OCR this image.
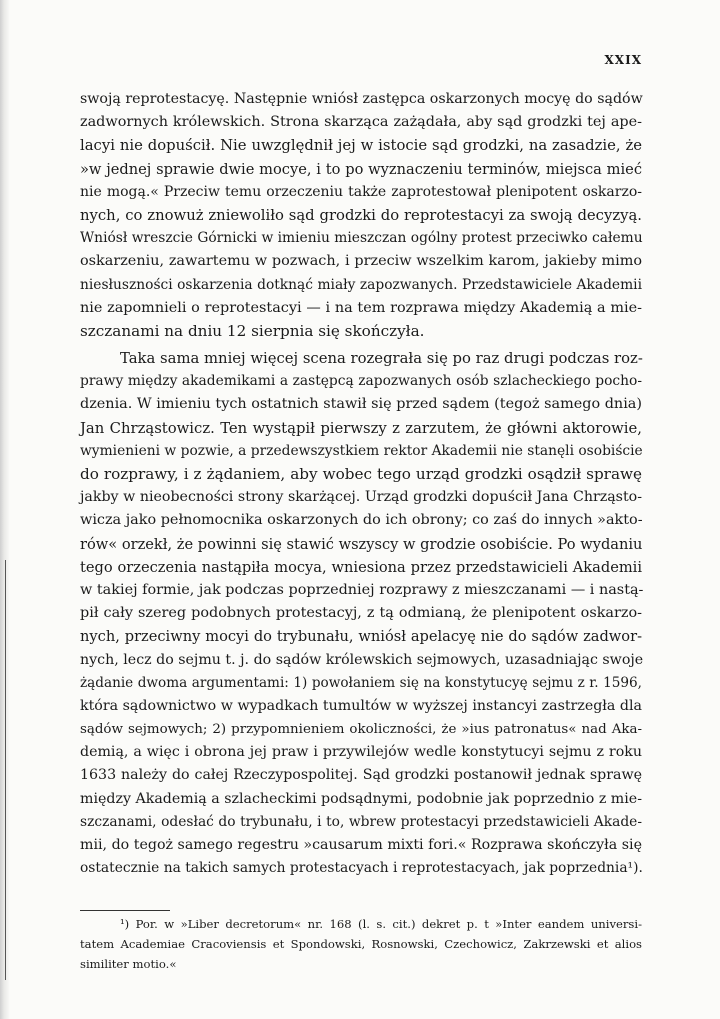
XXIX
swoją reprotestacyę. Następnie wniósł zastępca oskarzonych mocyę do sądów
zadwornych królewskich. Strona skarząca zażądała, aby sąd grodzki tej ape-
lacyi nie dopuścił. Nie uwzględnił jej w istocie sąd grodzki, na zasadzie, że
»w jednej sprawie dwie mocye, i to po wyznaczeniu terminów, miejsca mieć
nie mogą.« Przeciw temu orzeczeniu także zaprotestował plenipotent oskarzo-
nych, co znowuż zniewoliło sąd grodzki do reprotestacyi za swoją decyzyą.
Wniósł wreszcie Górnicki w imieniu mieszczan ogólny protest przeciwko całemu
oskarzeniu, zawartemu w pozwach, i przeciw wszelkim karom, jakieby mimo
niesłuszności oskarzenia dotknąć miały zapozwanych. Przedstawiciele Akademii
nie zapomnieli o reprotestacyi — i na tem rozprawa między Akademią a mie-
szczanami na dniu 12 sierpnia się skończyła.
Taka sama mniej więcej scena rozegrała się po raz drugi podczas roz-
prawy między akademikami a zastępcą zapozwanych osób szlacheckiego pocho-
dzenia. W imieniu tych ostatnich stawił się przed sądem (tegoż samego dnia)
Jan Chrząstowicz. Ten wystąpił pierwszy z zarzutem, że główni aktorowie,
wymienieni w pozwie, a przedewszystkiem rektor Akademii nie stanęli osobiście
do rozprawy, i z żądaniem, aby wobec tego urząd grodzki osądził sprawę
jakby w nieobecności strony skarżącej. Urząd grodzki dopuścił Jana Chrząsto-
wicza jako pełnomocnika oskarzonych do ich obrony; co zaś do innych »akto-
rów« orzekł, że powinni się stawić wszyscy w grodzie osobiście. Po wydaniu
tego orzeczenia nastąpiła mocya, wniesiona przez przedstawicieli Akademii
w takiej formie, jak podczas poprzedniej rozprawy z mieszczanami — i nastą-
pił cały szereg podobnych protestacyj, z tą odmianą, że plenipotent oskarzo-
nych, przeciwny mocyi do trybunału, wniósł apelacyę nie do sądów zadwor-
nych, lecz do sejmu t. j. do sądów królewskich sejmowych, uzasadniając swoje
żądanie dwoma argumentami: 1) powołaniem się na konstytucyę sejmu z r. 1596,
która sądownictwo w wypadkach tumultów w wyższej instancyi zastrzegła dla
sądów sejmowych; 2) przypomnieniem okoliczności, że »ius patronatus« nad Aka-
demią, a więc i obrona jej praw i przywilejów wedle konstytucyi sejmu z roku
1633 należy do całej Rzeczypospolitej. Sąd grodzki postanowił jednak sprawę
między Akademią a szlacheckimi podsądnymi, podobnie jak poprzednio z mie-
szczanami, odesłać do trybunału, i to, wbrew protestacyi przedstawicieli Akade-
mii, do tegoż samego regestru »causarum mixti fori.« Rozprawa skończyła się
ostatecznie na takich samych protestacyach i reprotestacyach, jak poprzednia¹).
¹) Por. w »Liber decretorum« nr. 168 (l. s. cit.) dekret p. t »Inter eandem universi-
tatem Academiae Cracoviensis et Spondowski, Rosnowski, Czechowicz, Zakrzewski et alios
similiter motio.«
